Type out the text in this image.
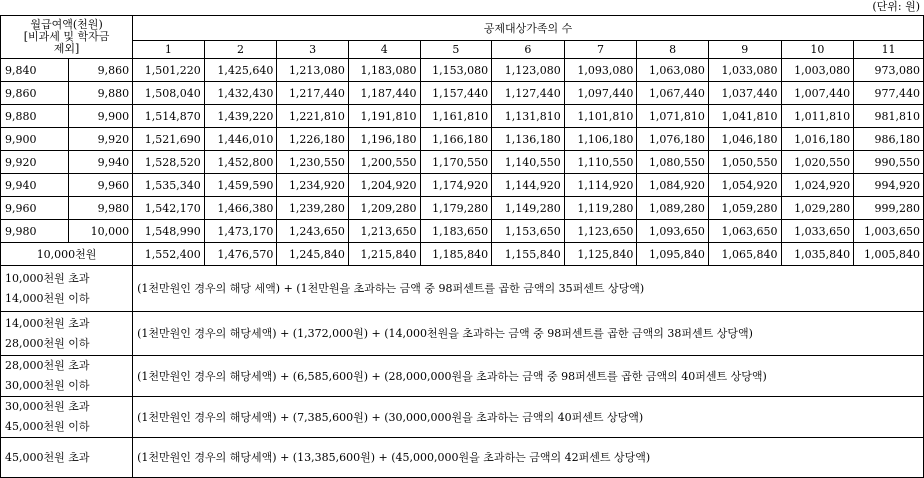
(단위: 원)
월급여액(천원)
[비과세 및 학자금
제외]		공제대상가족의 수										
		1	2	3	4	5	6	7	8	9	10	11
9,840	9,860	1,501,220	1,425,640	1,213,080	1,183,080	1,153,080	1,123,080	1,093,080	1,063,080	1,033,080	1,003,080	973,080
9,860	9,880	1,508,040	1,432,430	1,217,440	1,187,440	1,157,440	1,127,440	1,097,440	1,067,440	1,037,440	1,007,440	977,440
9,880	9,900	1,514,870	1,439,220	1,221,810	1,191,810	1,161,810	1,131,810	1,101,810	1,071,810	1,041,810	1,011,810	981,810
9,900	9,920	1,521,690	1,446,010	1,226,180	1,196,180	1,166,180	1,136,180	1,106,180	1,076,180	1,046,180	1,016,180	986,180
9,920	9,940	1,528,520	1,452,800	1,230,550	1,200,550	1,170,550	1,140,550	1,110,550	1,080,550	1,050,550	1,020,550	990,550
9,940	9,960	1,535,340	1,459,590	1,234,920	1,204,920	1,174,920	1,144,920	1,114,920	1,084,920	1,054,920	1,024,920	994,920
9,960	9,980	1,542,170	1,466,380	1,239,280	1,209,280	1,179,280	1,149,280	1,119,280	1,089,280	1,059,280	1,029,280	999,280
9,980	10,000	1,548,990	1,473,170	1,243,650	1,213,650	1,183,650	1,153,650	1,123,650	1,093,650	1,063,650	1,033,650	1,003,650
10,000천원		1,552,400	1,476,570	1,245,840	1,215,840	1,185,840	1,155,840	1,125,840	1,095,840	1,065,840	1,035,840	1,005,840

10,000천원 초과
14,000천원 이하		(1천만원인 경우의 해당 세액) + (1천만원을 초과하는 금액 중 98퍼센트를 곱한 금액의 35퍼센트 상당액)										

14,000천원 초과
28,000천원 이하		(1천만원인 경우의 해당세액) + (1,372,000원) + (14,000천원을 초과하는 금액 중 98퍼센트를 곱한 금액의 38퍼센트 상당액)										

28,000천원 초과
30,000천원 이하		(1천만원인 경우의 해당세액) + (6,585,600원) + (28,000,000원을 초과하는 금액 중 98퍼센트를 곱한 금액의 40퍼센트 상당액)										

30,000천원 초과
45,000천원 이하		(1천만원인 경우의 해당세액) + (7,385,600원) + (30,000,000원을 초과하는 금액의 40퍼센트 상당액)										

45,000천원 초과		(1천만원인 경우의 해당세액) + (13,385,600원) + (45,000,000원을 초과하는 금액의 42퍼센트 상당액)										
